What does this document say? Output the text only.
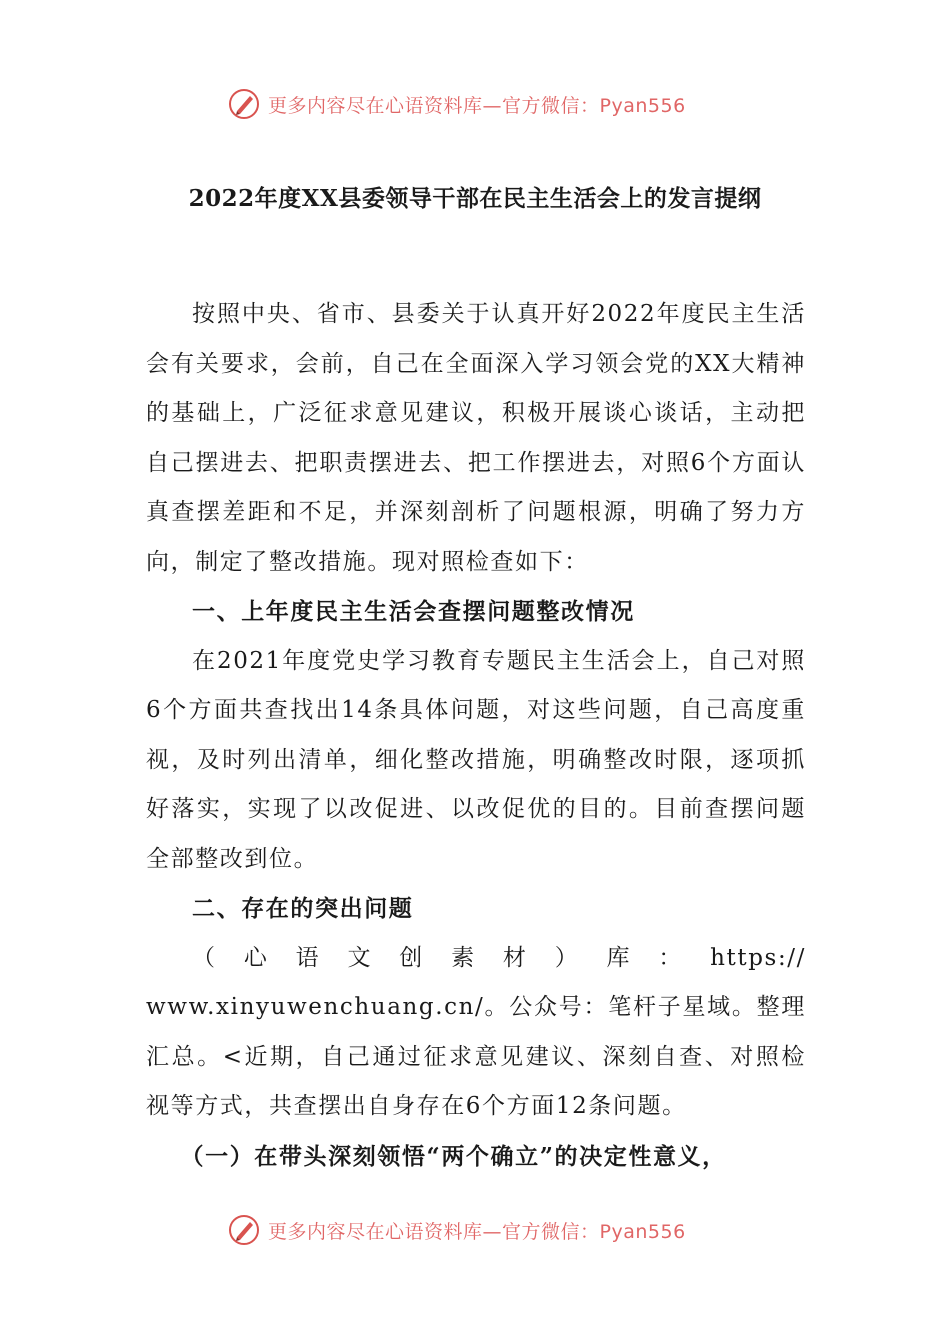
更多内容尽在心语资料库—官方微信：Pyan556
2022年度XX县委领导干部在民主生活会上的发言提纲

按照中央、省市、县委关于认真开好2022年度民主生活会有关要求，会前，自己在全面深入学习领会党的XX大精神的基础上，广泛征求意见建议，积极开展谈心谈话，主动把自己摆进去、把职责摆进去、把工作摆进去，对照6个方面认真查摆差距和不足，并深刻剖析了问题根源，明确了努力方向，制定了整改措施。现对照检查如下：

一、上年度民主生活会查摆问题整改情况

在2021年度党史学习教育专题民主生活会上，自己对照6个方面共查找出14条具体问题，对这些问题，自己高度重视，及时列出清单，细化整改措施，明确整改时限，逐项抓好落实，实现了以改促进、以改促优的目的。目前查摆问题全部整改到位。

二、存在的突出问题

（ 心 语 文 创 素 材 ） 库 ： https://

www.xinyuwenchuang.cn/。公众号：笔杆子星域。整理汇总。<近期，自己通过征求意见建议、深刻自查、对照检视等方式，共查摆出自身存在6个方面12条问题。

（一）在带头深刻领悟“两个确立”的决定性意义，

更多内容尽在心语资料库—官方微信：Pyan556
